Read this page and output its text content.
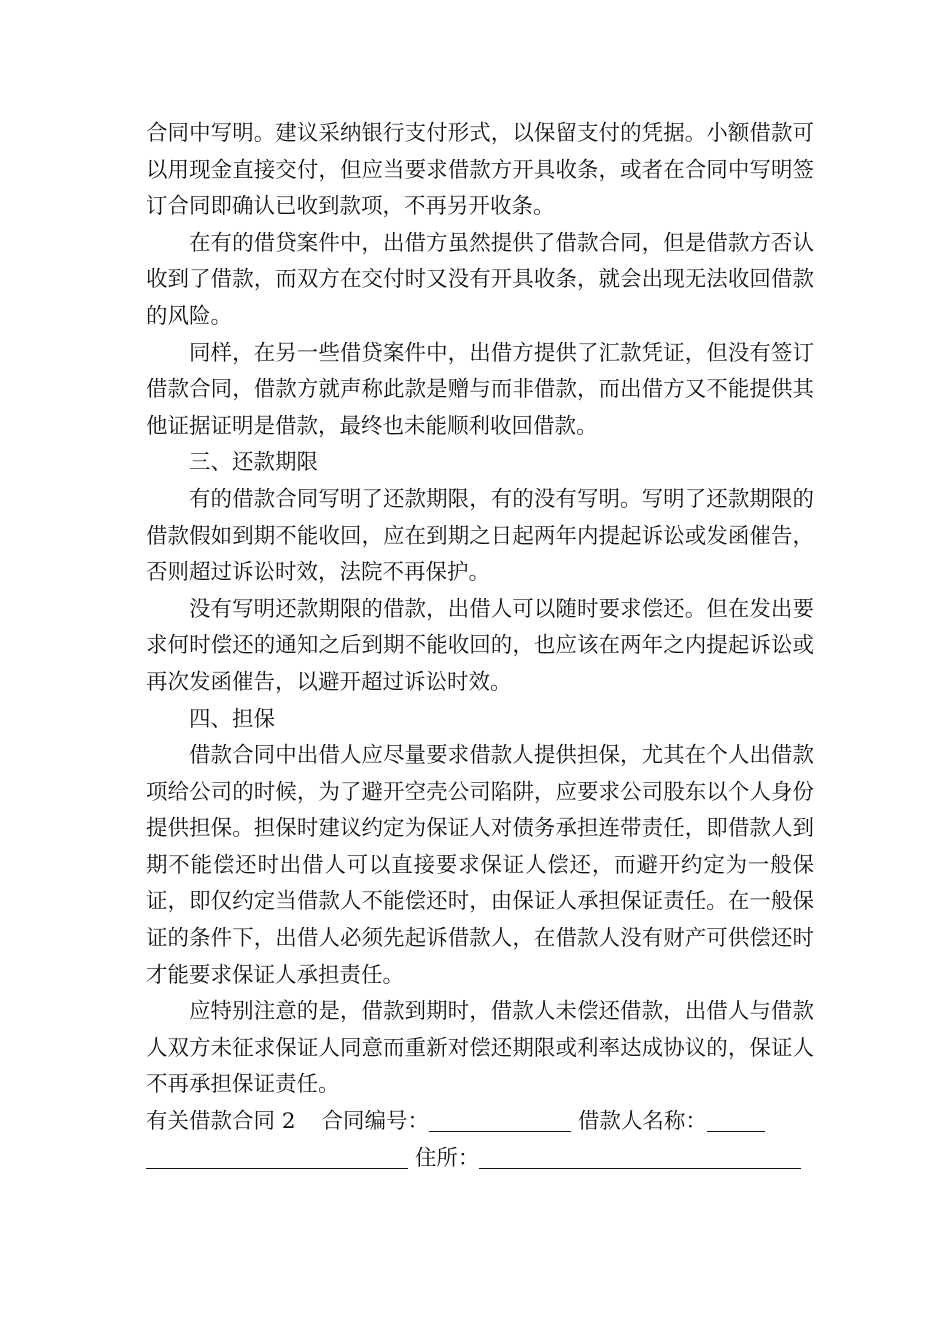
合同中写明。建议采纳银行支付形式，以保留支付的凭据。小额借款可以用现金直接交付，但应当要求借款方开具收条，或者在合同中写明签订合同即确认已收到款项，不再另开收条。

在有的借贷案件中，出借方虽然提供了借款合同，但是借款方否认收到了借款，而双方在交付时又没有开具收条，就会出现无法收回借款的风险。

同样，在另一些借贷案件中，出借方提供了汇款凭证，但没有签订借款合同，借款方就声称此款是赠与而非借款，而出借方又不能提供其他证据证明是借款，最终也未能顺利收回借款。

三、还款期限

有的借款合同写明了还款期限，有的没有写明。写明了还款期限的借款假如到期不能收回，应在到期之日起两年内提起诉讼或发函催告，否则超过诉讼时效，法院不再保护。

没有写明还款期限的借款，出借人可以随时要求偿还。但在发出要求何时偿还的通知之后到期不能收回的，也应该在两年之内提起诉讼或再次发函催告，以避开超过诉讼时效。

四、担保

借款合同中出借人应尽量要求借款人提供担保，尤其在个人出借款项给公司的时候，为了避开空壳公司陷阱，应要求公司股东以个人身份提供担保。担保时建议约定为保证人对债务承担连带责任，即借款人到期不能偿还时出借人可以直接要求保证人偿还，而避开约定为一般保证，即仅约定当借款人不能偿还时，由保证人承担保证责任。在一般保证的条件下，出借人必须先起诉借款人，在借款人没有财产可供偿还时才能要求保证人承担责任。

应特别注意的是，借款到期时，借款人未偿还借款，出借人与借款人双方未征求保证人同意而重新对偿还期限或利率达成协议的，保证人不再承担保证责任。

有关借款合同 2 合同编号：	借款人名称：
住所：
